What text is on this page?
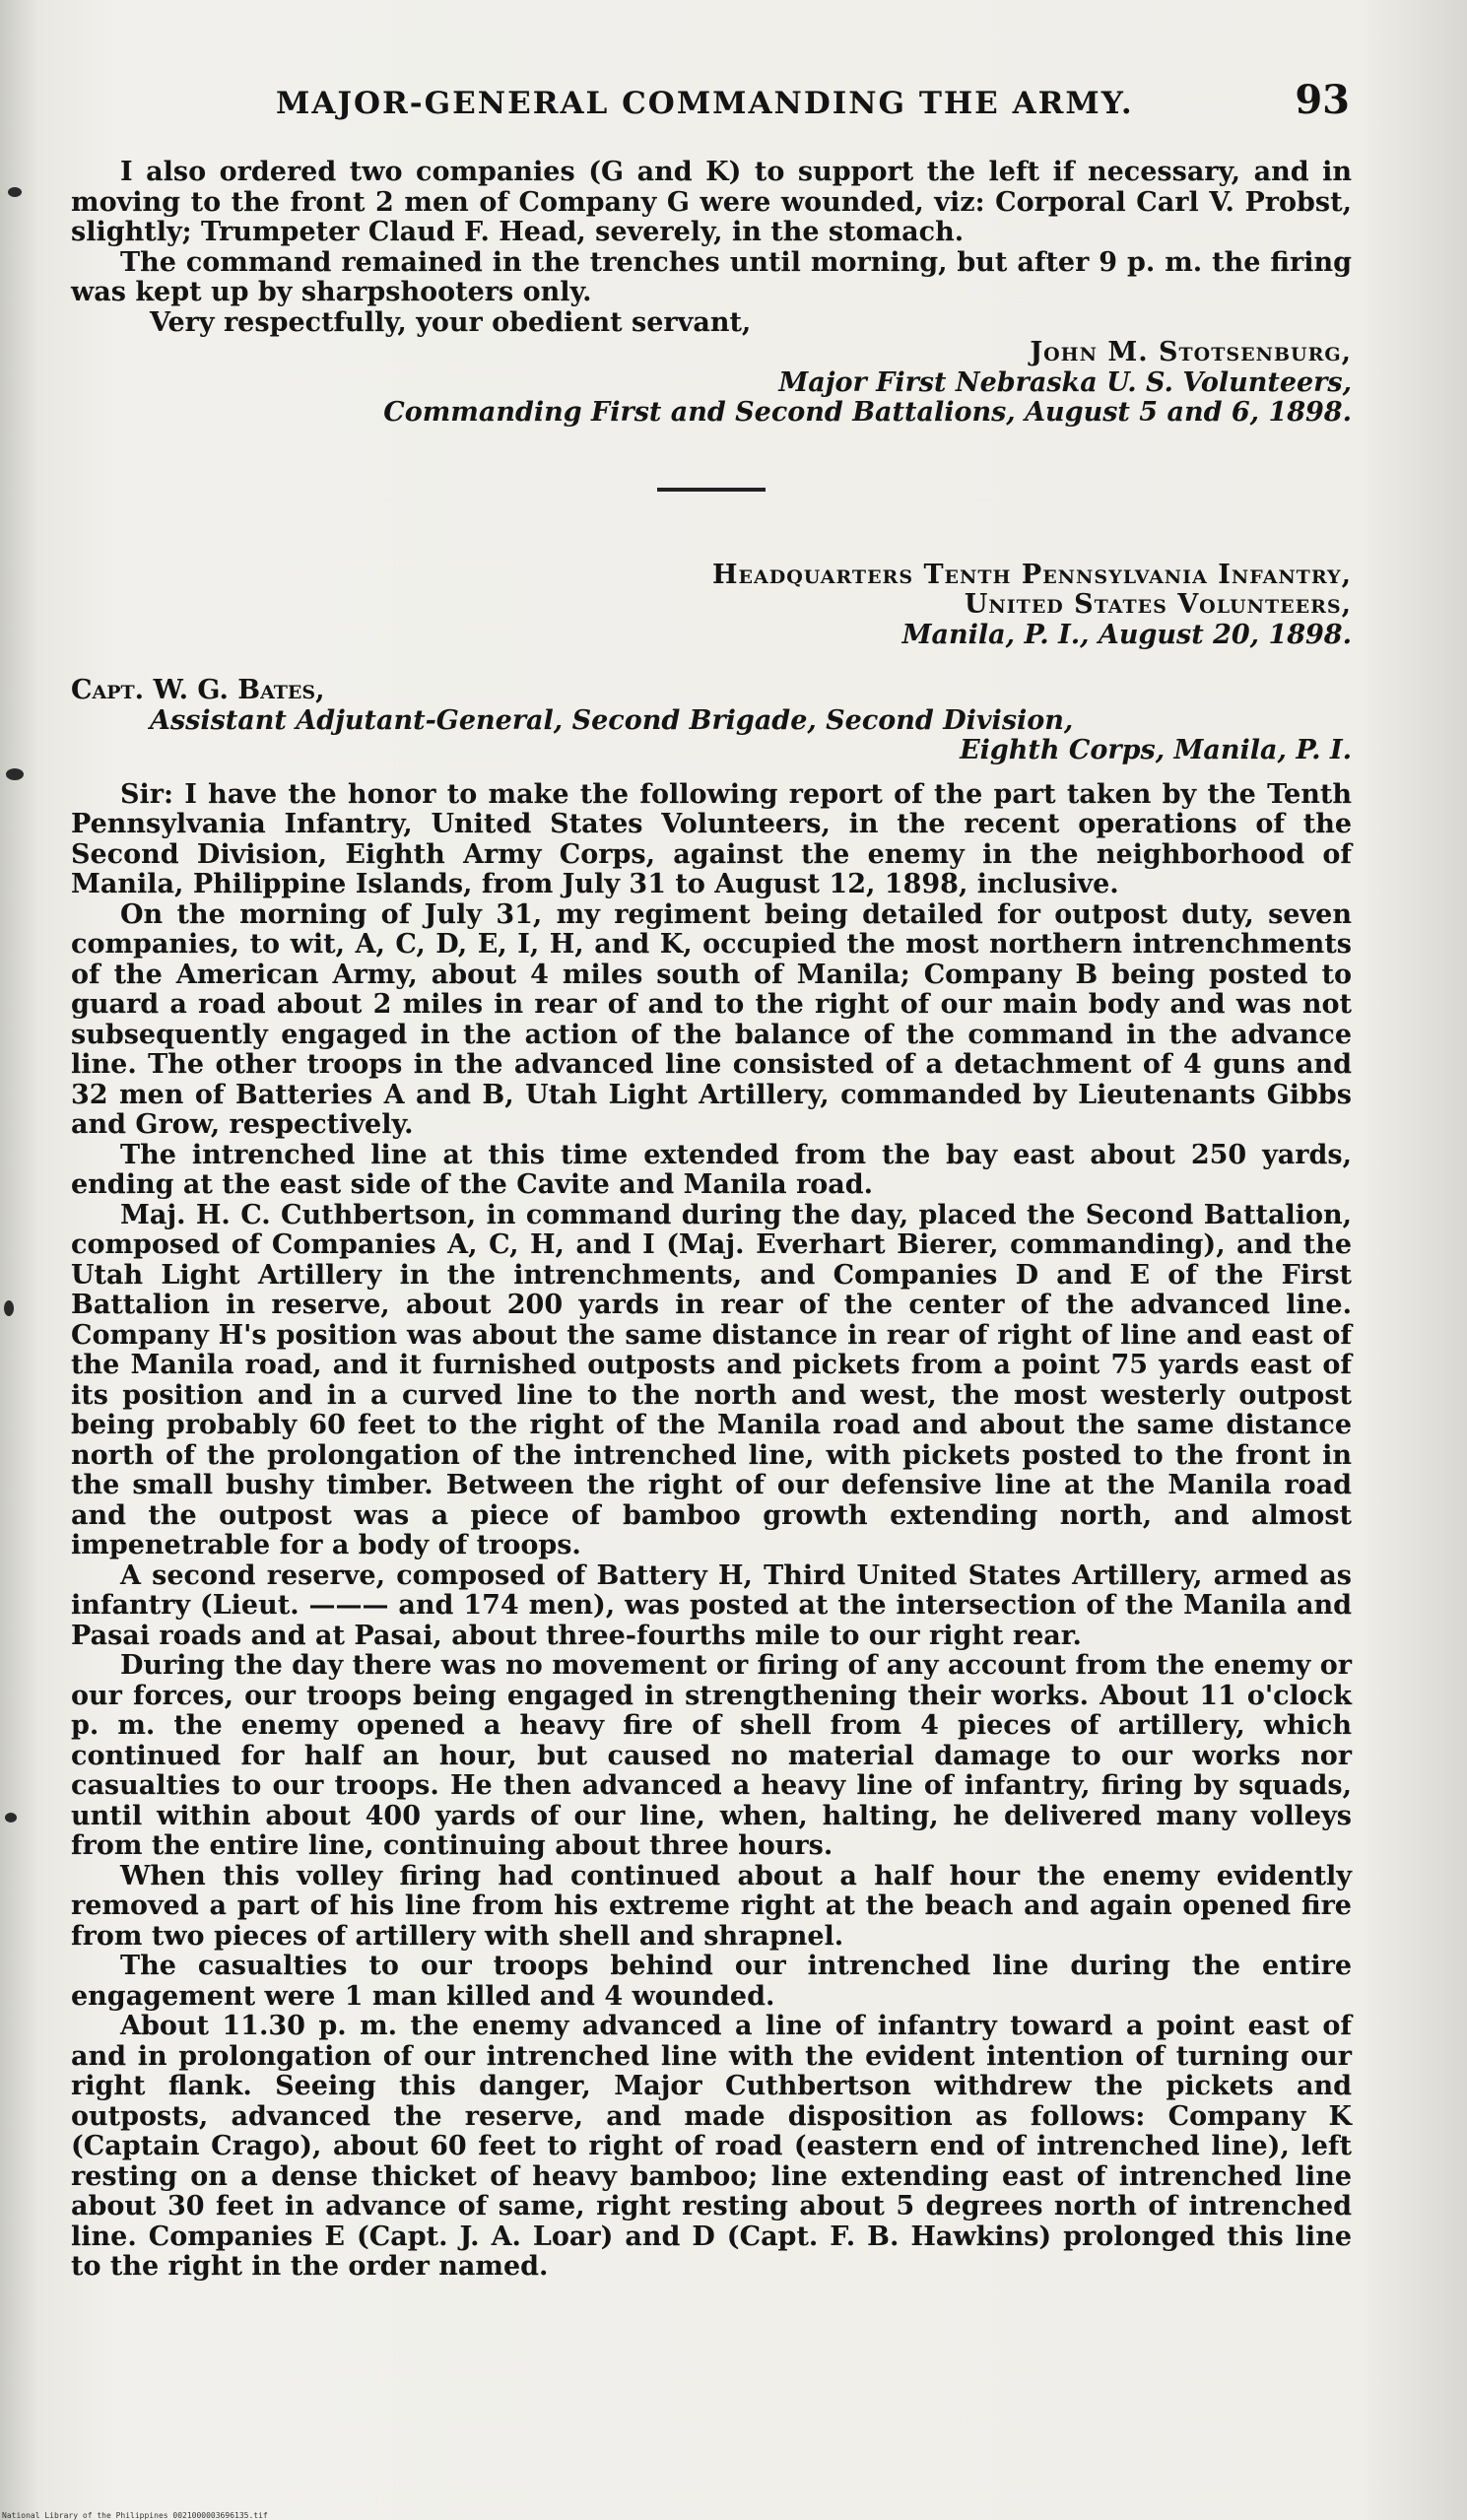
MAJOR-GENERAL COMMANDING THE ARMY.	93

I also ordered two companies (G and K) to support the left if necessary, and in moving to the front 2 men of Company G were wounded, viz: Corporal Carl V. Probst, slightly; Trumpeter Claud F. Head, severely, in the stomach.

The command remained in the trenches until morning, but after 9 p. m. the firing was kept up by sharpshooters only.

Very respectfully, your obedient servant,

John M. Stotsenburg,

Major First Nebraska U. S. Volunteers,

Commanding First and Second Battalions, August 5 and 6, 1898.

Headquarters Tenth Pennsylvania Infantry,

United States Volunteers,

Manila, P. I., August 20, 1898.

Capt. W. G. Bates,

Assistant Adjutant-General, Second Brigade, Second Division,

Eighth Corps, Manila, P. I.

Sir: I have the honor to make the following report of the part taken by the Tenth Pennsylvania Infantry, United States Volunteers, in the recent operations of the Second Division, Eighth Army Corps, against the enemy in the neighborhood of Manila, Philippine Islands, from July 31 to August 12, 1898, inclusive.

On the morning of July 31, my regiment being detailed for outpost duty, seven companies, to wit, A, C, D, E, I, H, and K, occupied the most northern intrenchments of the American Army, about 4 miles south of Manila; Company B being posted to guard a road about 2 miles in rear of and to the right of our main body and was not subsequently engaged in the action of the balance of the command in the advance line. The other troops in the advanced line consisted of a detachment of 4 guns and 32 men of Batteries A and B, Utah Light Artillery, commanded by Lieutenants Gibbs and Grow, respectively.

The intrenched line at this time extended from the bay east about 250 yards, ending at the east side of the Cavite and Manila road.

Maj. H. C. Cuthbertson, in command during the day, placed the Second Battalion, composed of Companies A, C, H, and I (Maj. Everhart Bierer, commanding), and the Utah Light Artillery in the intrenchments, and Companies D and E of the First Battalion in reserve, about 200 yards in rear of the center of the advanced line. Company H's position was about the same distance in rear of right of line and east of the Manila road, and it furnished outposts and pickets from a point 75 yards east of its position and in a curved line to the north and west, the most westerly outpost being probably 60 feet to the right of the Manila road and about the same distance north of the prolongation of the intrenched line, with pickets posted to the front in the small bushy timber. Between the right of our defensive line at the Manila road and the outpost was a piece of bamboo growth extending north, and almost impenetrable for a body of troops.

A second reserve, composed of Battery H, Third United States Artillery, armed as infantry (Lieut. ——— and 174 men), was posted at the intersection of the Manila and Pasai roads and at Pasai, about three-fourths mile to our right rear.

During the day there was no movement or firing of any account from the enemy or our forces, our troops being engaged in strengthening their works. About 11 o'clock p. m. the enemy opened a heavy fire of shell from 4 pieces of artillery, which continued for half an hour, but caused no material damage to our works nor casualties to our troops. He then advanced a heavy line of infantry, firing by squads, until within about 400 yards of our line, when, halting, he delivered many volleys from the entire line, continuing about three hours.

When this volley firing had continued about a half hour the enemy evidently removed a part of his line from his extreme right at the beach and again opened fire from two pieces of artillery with shell and shrapnel.

The casualties to our troops behind our intrenched line during the entire engagement were 1 man killed and 4 wounded.

About 11.30 p. m. the enemy advanced a line of infantry toward a point east of and in prolongation of our intrenched line with the evident intention of turning our right flank. Seeing this danger, Major Cuthbertson withdrew the pickets and outposts, advanced the reserve, and made disposition as follows: Company K (Captain Crago), about 60 feet to right of road (eastern end of intrenched line), left resting on a dense thicket of heavy bamboo; line extending east of intrenched line about 30 feet in advance of same, right resting about 5 degrees north of intrenched line. Companies E (Capt. J. A. Loar) and D (Capt. F. B. Hawkins) prolonged this line to the right in the order named.

National Library of the Philippines 0021000003696135.tif
